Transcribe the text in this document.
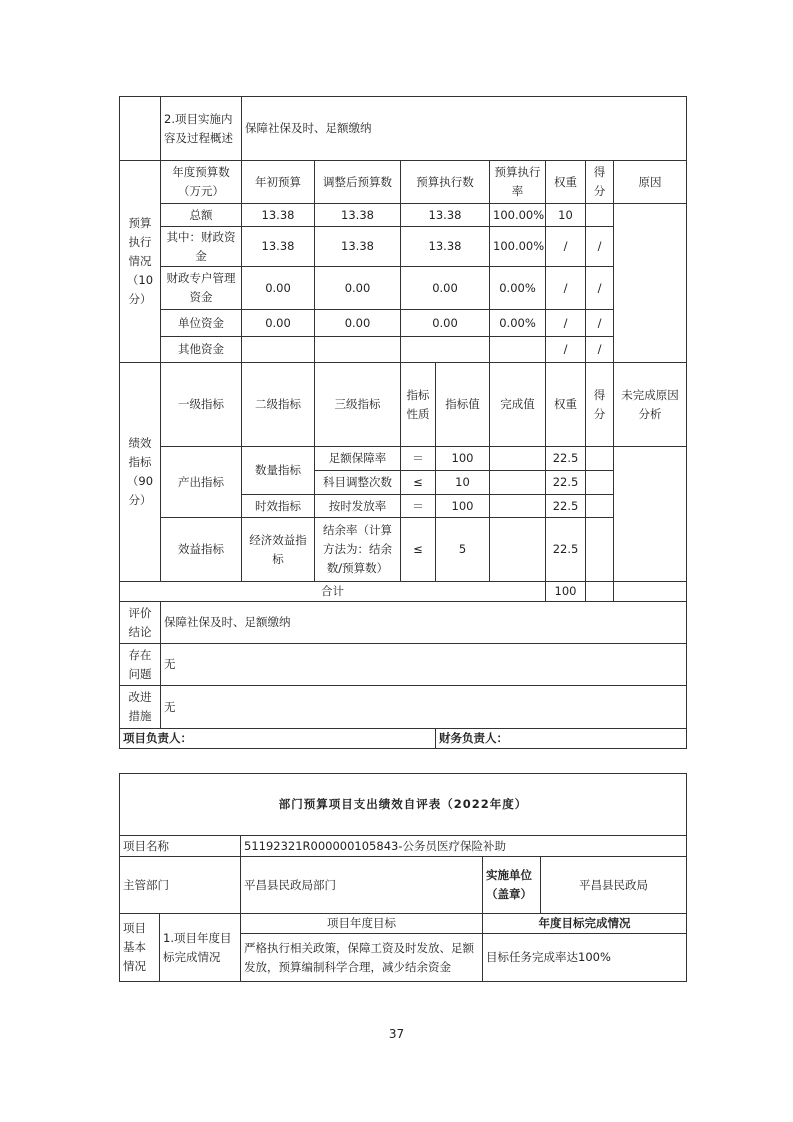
	2.项目实施内容及过程概述	保障社保及时、足额缴纳							
预算执行情况（10分）	年度预算数（万元）	年初预算	调整后预算数	预算执行数		预算执行率	权重	得分	原因
	总额	13.38	13.38	13.38		100.00%	10		
	其中：财政资金	13.38	13.38	13.38		100.00%	/	/	
	财政专户管理资金	0.00	0.00	0.00		0.00%	/	/	
	单位资金	0.00	0.00	0.00		0.00%	/	/	
	其他资金						/	/	
绩效指标（90分）	一级指标	二级指标	三级指标	指标性质	指标值	完成值	权重	得分	未完成原因分析
	产出指标	数量指标	足额保障率	＝	100		22.5		
			科目调整次数	≤	10		22.5		
		时效指标	按时发放率	＝	100		22.5		
	效益指标	经济效益指标	结余率（计算方法为：结余数/预算数）	≤	5		22.5		
合计							100		
评价结论	保障社保及时、足额缴纳								
存在问题	无								
改进措施	无								
项目负责人：					财务负责人：				
部门预算项目支出绩效自评表（2022年度）				
项目名称		51192321R000000105843-公务员医疗保险补助		
主管部门		平昌县民政局部门	实施单位（盖章）	平昌县民政局
项目基本情况	1.项目年度目标完成情况	项目年度目标	年度目标完成情况	
		严格执行相关政策，保障工资及时发放、足额发放，预算编制科学合理，减少结余资金	目标任务完成率达100%	
37
